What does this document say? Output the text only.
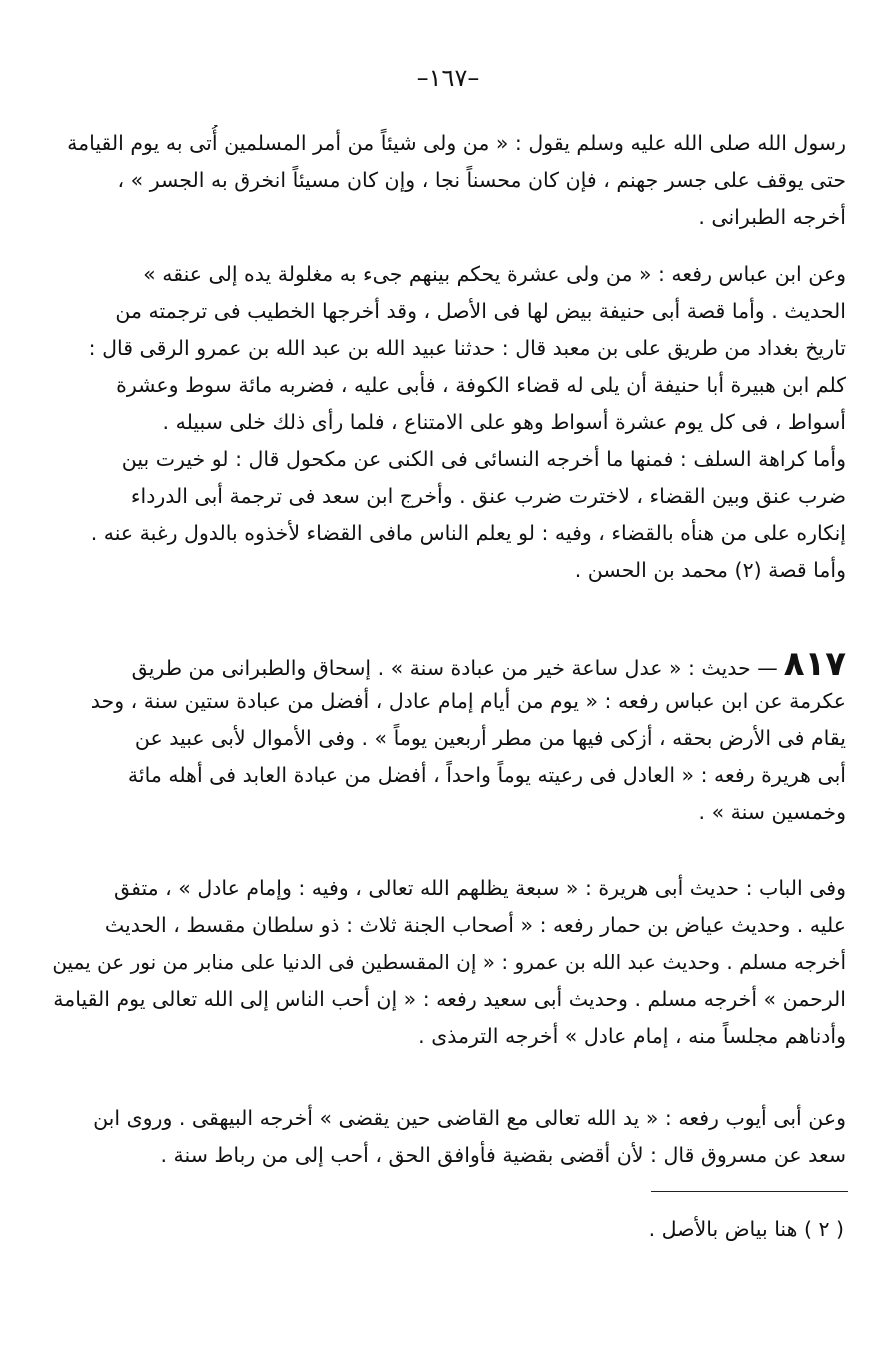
–١٦٧–
رسول الله صلى الله عليه وسلم يقول : « من ولى شيئاً من أمر المسلمين أُتى به يوم القيامة
حتى يوقف على جسر جهنم ، فإن كان محسناً نجا ، وإن كان مسيئاً انخرق به الجسر » ،
أخرجه الطبرانى .
وعن ابن عباس رفعه : « من ولى عشرة يحكم بينهم جىء به مغلولة يده إلى عنقه »
الحديث . وأما قصة أبى حنيفة بيض لها فى الأصل ، وقد أخرجها الخطيب فى ترجمته من
تاريخ بغداد من طريق على بن معبد قال : حدثنا عبيد الله بن عبد الله بن عمرو الرقى قال :
كلم ابن هبيرة أبا حنيفة أن يلى له قضاء الكوفة ، فأبى عليه ، فضربه مائة سوط وعشرة
أسواط ، فى كل يوم عشرة أسواط وهو على الامتناع ، فلما رأى ذلك خلى سبيله .
وأما كراهة السلف : فمنها ما أخرجه النسائى فى الكنى عن مكحول قال : لو خيرت بين
ضرب عنق وبين القضاء ، لاخترت ضرب عنق . وأخرج ابن سعد فى ترجمة أبى الدرداء
إنكاره على من هنأه بالقضاء ، وفيه : لو يعلم الناس مافى القضاء لأخذوه بالدول رغبة عنه .
وأما قصة (٢) محمد بن الحسن .
٨١٧— حديث : « عدل ساعة خير من عبادة سنة » . إسحاق والطبرانى من طريق
عكرمة عن ابن عباس رفعه : « يوم من أيام إمام عادل ، أفضل من عبادة ستين سنة ، وحد
يقام فى الأرض بحقه ، أزكى فيها من مطر أربعين يوماً » . وفى الأموال لأبى عبيد عن
أبى هريرة رفعه : « العادل فى رعيته يوماً واحداً ، أفضل من عبادة العابد فى أهله مائة
وخمسين سنة » .
وفى الباب : حديث أبى هريرة : « سبعة يظلهم الله تعالى ، وفيه : وإمام عادل » ، متفق
عليه . وحديث عياض بن حمار رفعه : « أصحاب الجنة ثلاث : ذو سلطان مقسط ، الحديث
أخرجه مسلم . وحديث عبد الله بن عمرو : « إن المقسطين فى الدنيا على منابر من نور عن يمين
الرحمن » أخرجه مسلم . وحديث أبى سعيد رفعه : « إن أحب الناس إلى الله تعالى يوم القيامة
وأدناهم مجلساً منه ، إمام عادل » أخرجه الترمذى .
وعن أبى أيوب رفعه : « يد الله تعالى مع القاضى حين يقضى » أخرجه البيهقى . وروى ابن
سعد عن مسروق قال : لأن أقضى بقضية فأوافق الحق ، أحب إلى من رباط سنة .
( ٢ ) هنا بياض بالأصل .
